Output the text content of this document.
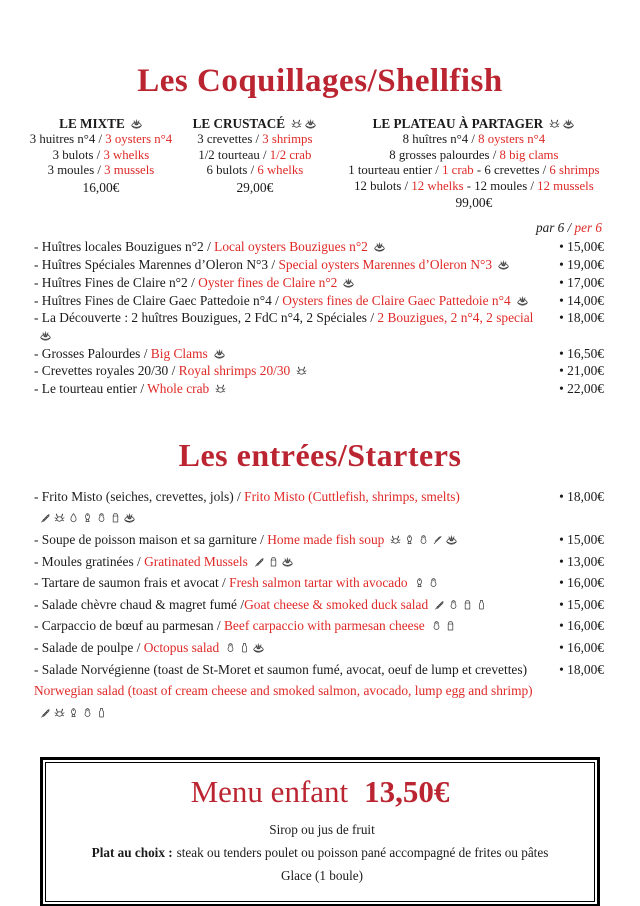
Les Coquillages/Shellfish
LE MIXTE
3 huitres n°4 / 3 oysters n°4
3 bulots / 3 whelks
3 moules / 3 mussels
16,00€
LE CRUSTACÉ
3 crevettes / 3 shrimps
1/2 tourteau / 1/2 crab
6 bulots / 6 whelks
29,00€
LE PLATEAU À PARTAGER
8 huîtres n°4 / 8 oysters n°4
8 grosses palourdes / 8 big clams
1 tourteau entier / 1 crab - 6 crevettes / 6 shrimps
12 bulots / 12 whelks - 12 moules / 12 mussels
99,00€
par 6 / per 6
- Huîtres locales Bouzigues n°2 / Local oysters Bouzigues n°2	• 15,00€
- Huîtres Spéciales Marennes d’Oleron N°3 / Special oysters Marennes d’Oleron N°3	• 19,00€
- Huîtres Fines de Claire n°2 / Oyster fines de Claire n°2	• 17,00€
- Huîtres Fines de Claire Gaec Pattedoie n°4 / Oysters fines de Claire Gaec Pattedoie n°4	• 14,00€
- La Découverte : 2 huîtres Bouzigues, 2 FdC n°4, 2 Spéciales / 2 Bouzigues, 2 n°4, 2 special	• 18,00€
- Grosses Palourdes / Big Clams	• 16,50€
- Crevettes royales 20/30 / Royal shrimps 20/30	• 21,00€
- Le tourteau entier / Whole crab	• 22,00€
Les entrées/Starters
- Frito Misto (seiches, crevettes, jols) / Frito Misto (Cuttlefish, shrimps, smelts)	• 18,00€
- Soupe de poisson maison et sa garniture / Home made fish soup	• 15,00€
- Moules gratinées / Gratinated Mussels	• 13,00€
- Tartare de saumon frais et avocat / Fresh salmon tartar with avocado	• 16,00€
- Salade chèvre chaud & magret fumé /Goat cheese & smoked duck salad	• 15,00€
- Carpaccio de bœuf au parmesan / Beef carpaccio with parmesan cheese	• 16,00€
- Salade de poulpe / Octopus salad	• 16,00€
- Salade Norvégienne (toast de St-Moret et saumon fumé, avocat, oeuf de lump et crevettes) • 18,00€
Norwegian salad (toast of cream cheese and smoked salmon, avocado, lump egg and shrimp)
Menu enfant 13,50€
Sirop ou jus de fruit
Plat au choix : steak ou tenders poulet ou poisson pané accompagné de frites ou pâtes
Glace (1 boule)
